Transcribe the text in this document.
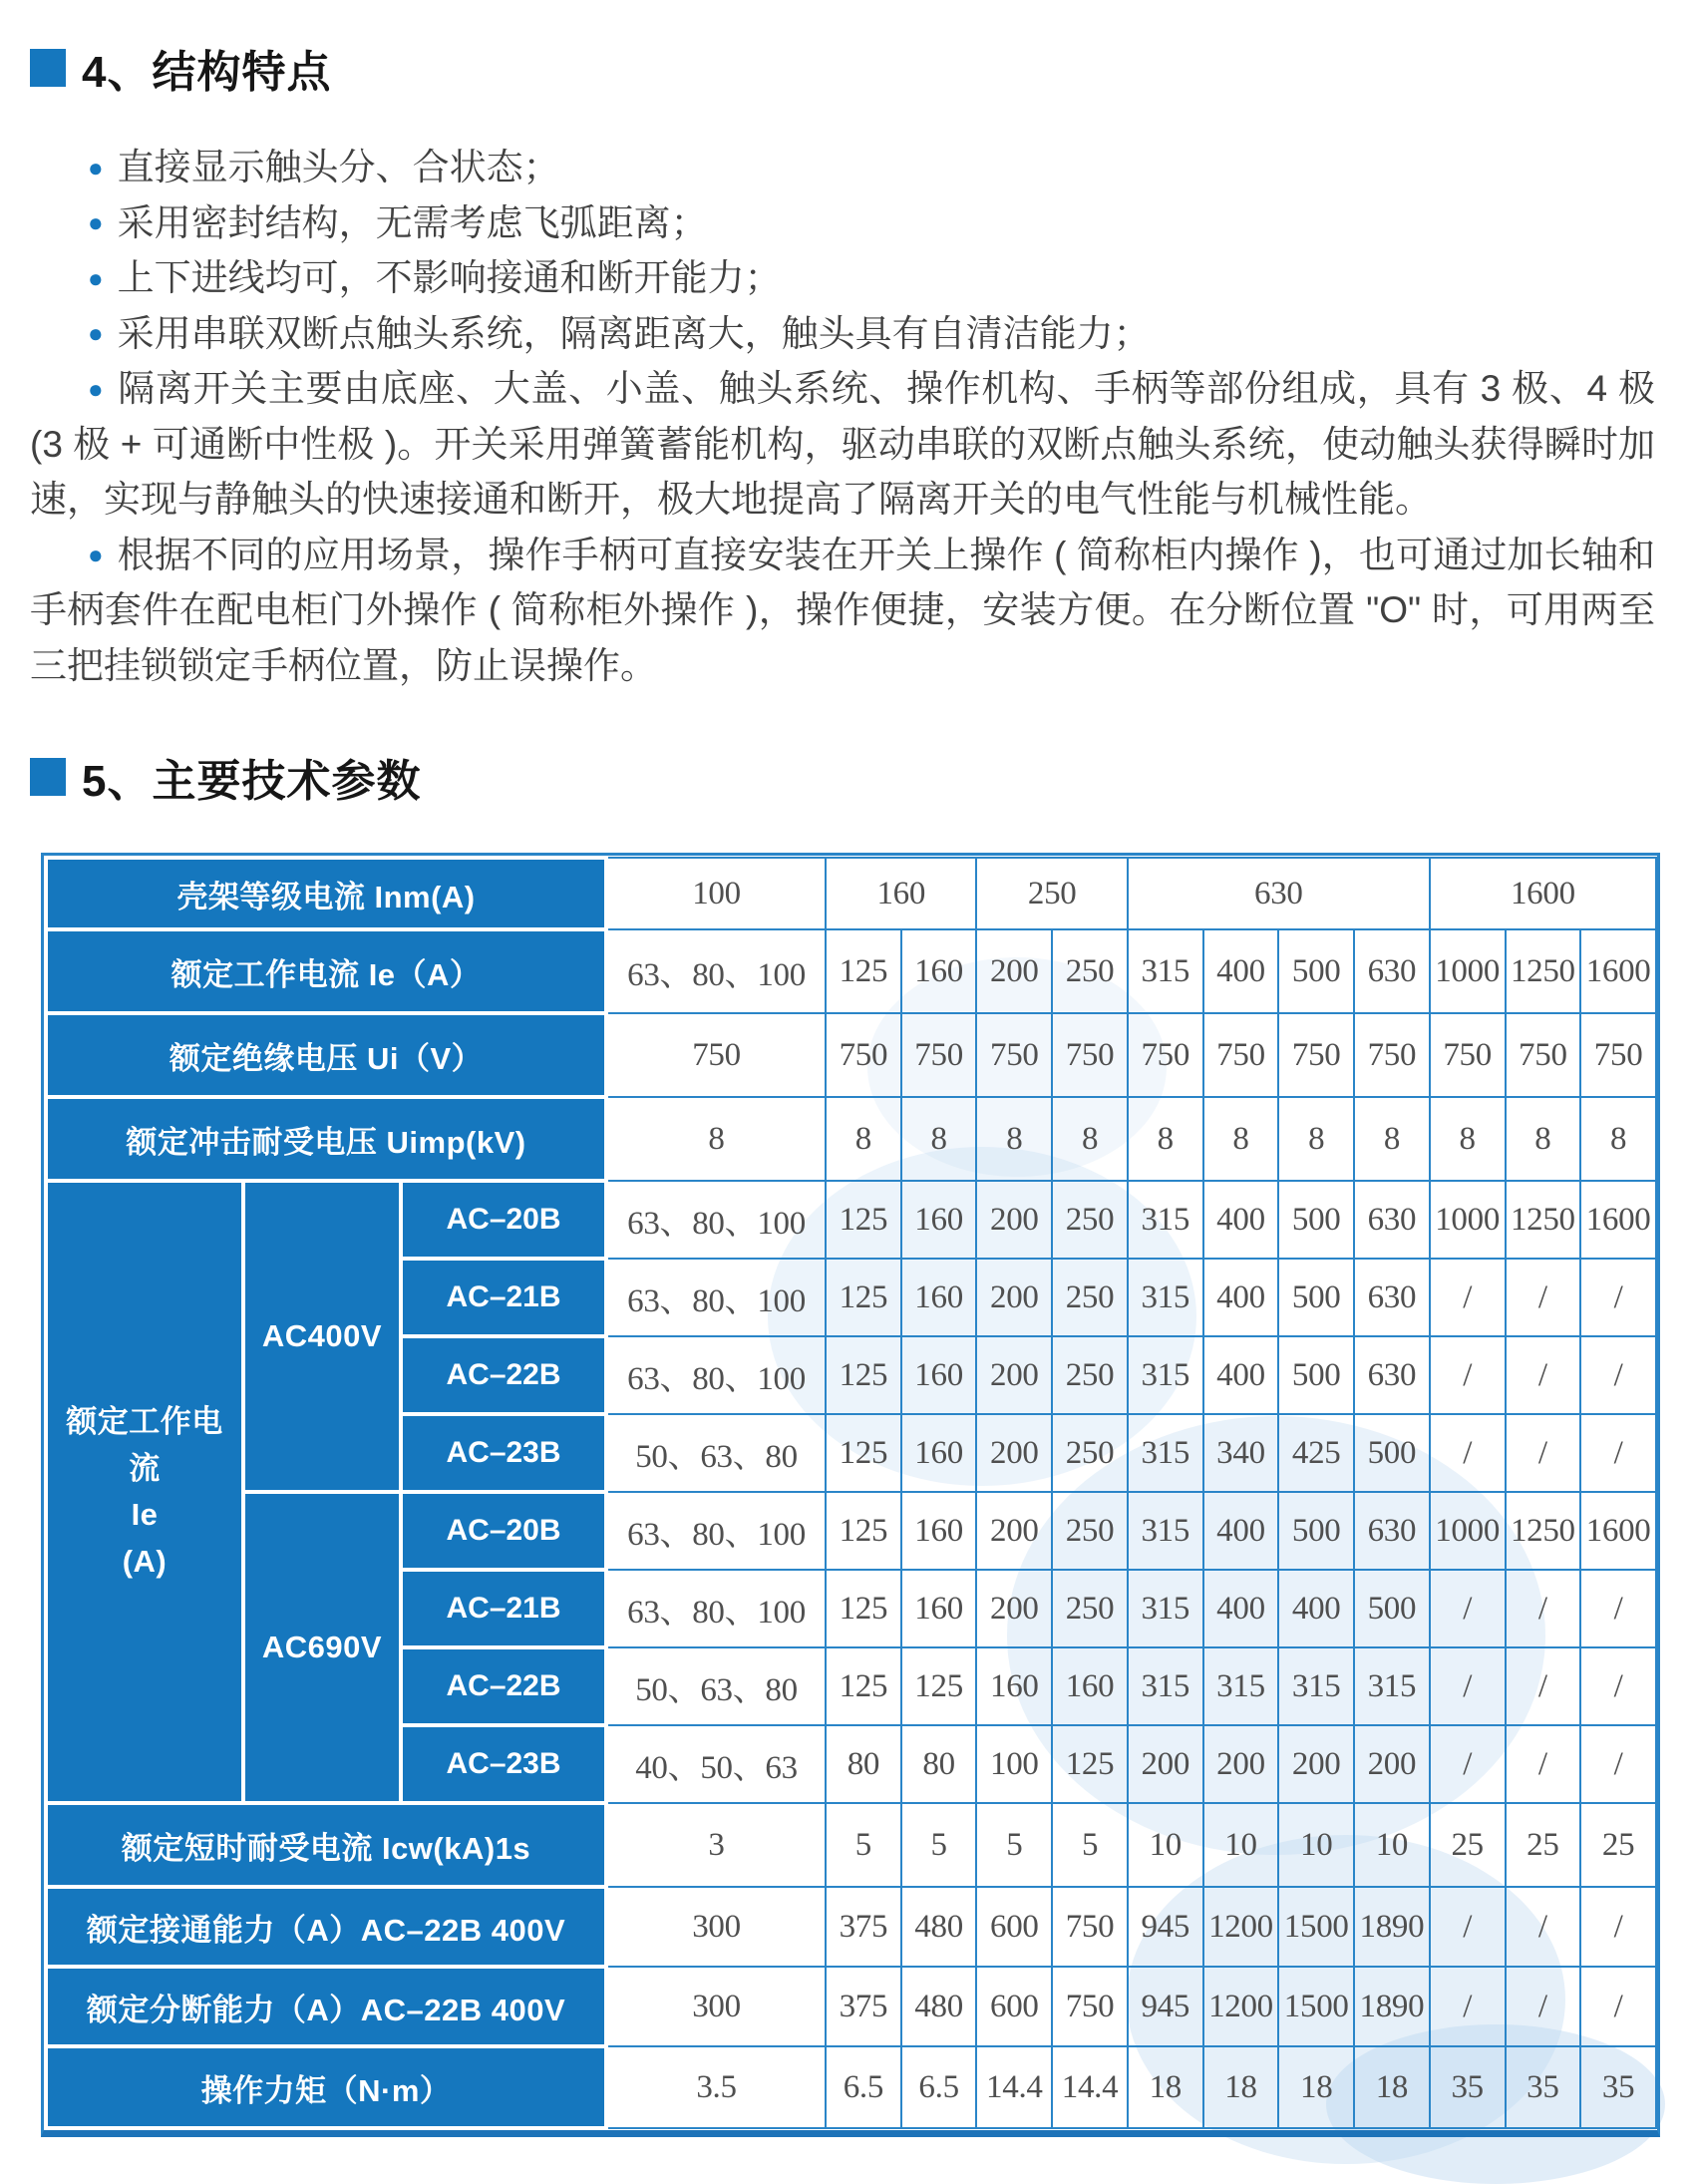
4、结构特点

● 直接显示触头分、合状态；

● 采用密封结构，无需考虑飞弧距离；

● 上下进线均可，不影响接通和断开能力；

● 采用串联双断点触头系统，隔离距离大，触头具有自清洁能力；

● 隔离开关主要由底座、大盖、小盖、触头系统、操作机构、手柄等部份组成，具有 3 极、4 极 (3 极 + 可通断中性极 )。开关采用弹簧蓄能机构，驱动串联的双断点触头系统，使动触头获得瞬时加速，实现与静触头的快速接通和断开，极大地提高了隔离开关的电气性能与机械性能。

● 根据不同的应用场景，操作手柄可直接安装在开关上操作 ( 简称柜内操作 )，也可通过加长轴和手柄套件在配电柜门外操作 ( 简称柜外操作 )，操作便捷，安装方便。在分断位置 "O" 时，可用两至三把挂锁锁定手柄位置，防止误操作。

5、主要技术参数
壳架等级电流 Inm(A)			100	160		250		630				1600		
额定工作电流 Ie（A）			63、80、100	125	160	200	250	315	400	500	630	1000	1250	1600
额定绝缘电压 Ui（V）			750	750	750	750	750	750	750	750	750	750	750	750
额定冲击耐受电压 Uimp(kV)			8	8	8	8	8	8	8	8	8	8	8	8

额定工作电流
Ie
(A)	AC400V	AC–20B	63、80、100	125	160	200	250	315	400	500	630	1000	1250	1600
		AC–21B	63、80、100	125	160	200	250	315	400	500	630	/	/	/
		AC–22B	63、80、100	125	160	200	250	315	400	500	630	/	/	/
		AC–23B	50、63、80	125	160	200	250	315	340	425	500	/	/	/
	AC690V	AC–20B	63、80、100	125	160	200	250	315	400	500	630	1000	1250	1600
		AC–21B	63、80、100	125	160	200	250	315	400	400	500	/	/	/
		AC–22B	50、63、80	125	125	160	160	315	315	315	315	/	/	/
		AC–23B	40、50、63	80	80	100	125	200	200	200	200	/	/	/
额定短时耐受电流 Icw(kA)1s			3	5	5	5	5	10	10	10	10	25	25	25
额定接通能力（A）AC–22B 400V			300	375	480	600	750	945	1200	1500	1890	/	/	/
额定分断能力（A）AC–22B 400V			300	375	480	600	750	945	1200	1500	1890	/	/	/
操作力矩（N·m）			3.5	6.5	6.5	14.4	14.4	18	18	18	18	35	35	35
